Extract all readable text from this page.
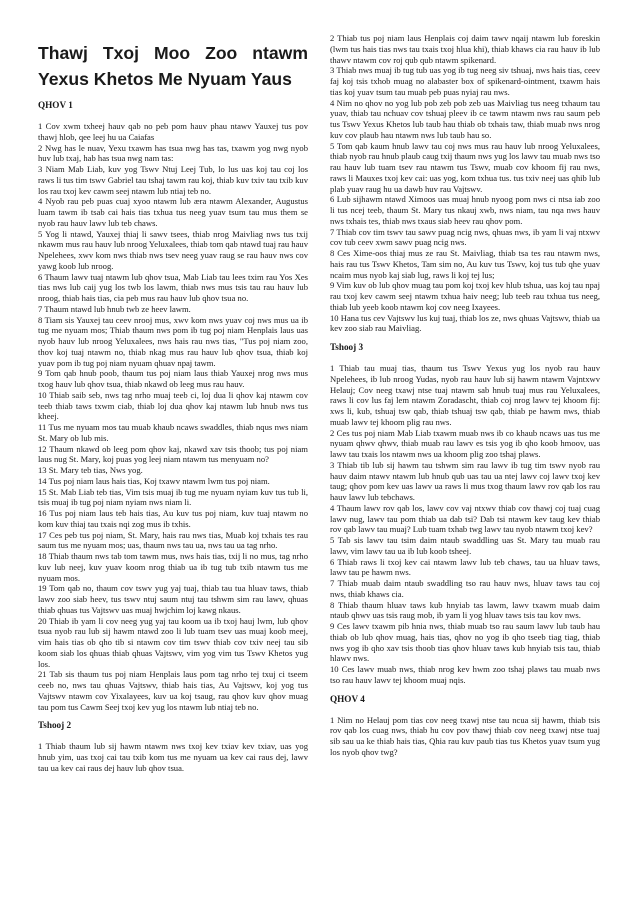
Thawj Txoj Moo Zoo ntawm Yexus Khetos Me Nyuam Yaus
QHOV 1

1 Cov xwm txheej hauv qab no peb pom hauv phau ntawv Yauxej tus pov thawj hlob, qee leej hu ua Caiafas

2 Nwg has le nuav, Yexu txawm has tsua nwg has tas, txawm yog nwg nyob huv lub txaj, hab has tsua nwg nam tas:

3 Niam Mab Liab, kuv yog Tswv Ntuj Leej Tub, lo lus uas koj tau coj los raws li tus tim tswv Gabriel tau tshaj tawm rau koj, thiab kuv txiv tau txib kuv los rau txoj kev cawm seej ntawm lub ntiaj teb no.

4 Nyob rau peb puas cuaj xyoo ntawm lub æra ntawm Alexander, Augustus luam tawm ib tsab cai hais tias txhua tus neeg yuav tsum tau mus them se nyob rau hauv lawv lub teb chaws.

5 Yog li ntawd, Yauxej thiaj li sawv tsees, thiab nrog Maivliag nws tus txij nkawm mus rau hauv lub nroog Yeluxalees, thiab tom qab ntawd tuaj rau hauv Npelehees, xwv kom nws thiab nws tsev neeg yuav raug se rau hauv nws cov yawg koob lub nroog.

6 Thaum lawv tuaj ntawm lub qhov tsua, Mab Liab tau lees txim rau Yos Xes tias nws lub caij yug los twb los lawm, thiab nws mus tsis tau rau hauv lub nroog, thiab hais tias, cia peb mus rau hauv lub qhov tsua no.

7 Thaum ntawd lub hnub twb ze heev lawm.

8 Tiam sis Yauxej tau ceev nrooj mus, xwv kom nws yuav coj nws mus ua ib tug me nyuam mos; Thiab thaum nws pom ib tug poj niam Henplais laus uas nyob hauv lub nroog Yeluxalees, nws hais rau nws tias, "Tus poj niam zoo, thov koj tuaj ntawm no, thiab nkag mus rau hauv lub qhov tsua, thiab koj yuav pom ib tug poj niam nyuam qhuav npaj tawm.

9 Tom qab hnub poob, thaum tus poj niam laus thiab Yauxej nrog nws mus txog hauv lub qhov tsua, thiab nkawd ob leeg mus rau hauv.

10 Thiab saib seb, nws tag nrho muaj teeb ci, loj dua li qhov kaj ntawm cov teeb thiab taws txwm ciab, thiab loj dua qhov kaj ntawm lub hnub nws tus kheej.

11 Tus me nyuam mos tau muab khaub ncaws swaddles, thiab nqus nws niam St. Mary ob lub mis.

12 Thaum nkawd ob leeg pom qhov kaj, nkawd xav tsis thoob; tus poj niam laus nug St. Mary, koj puas yog leej niam ntawm tus menyuam no?

13 St. Mary teb tias, Nws yog.

14 Tus poj niam laus hais tias, Koj txawv ntawm lwm tus poj niam.

15 St. Mab Liab teb tias, Vim tsis muaj ib tug me nyuam nyiam kuv tus tub li, tsis muaj ib tug poj niam nyiam nws niam li.

16 Tus poj niam laus teb hais tias, Au kuv tus poj niam, kuv tuaj ntawm no kom kuv thiaj tau txais nqi zog mus ib txhis.

17 Ces peb tus poj niam, St. Mary, hais rau nws tias, Muab koj txhais tes rau saum tus me nyuam mos; uas, thaum nws tau ua, nws tau ua tag nrho.

18 Thiab thaum nws tab tom tawm mus, nws hais tias, txij li no mus, tag nrho kuv lub neej, kuv yuav koom nrog thiab ua ib tug tub txib ntawm tus me nyuam mos.

19 Tom qab no, thaum cov tswv yug yaj tuaj, thiab tau tua hluav taws, thiab lawv zoo siab heev, tus tswv ntuj saum ntuj tau tshwm sim rau lawv, qhuas thiab qhuas tus Vajtswv uas muaj hwjchim loj kawg nkaus.

20 Thiab ib yam li cov neeg yug yaj tau koom ua ib txoj hauj lwm, lub qhov tsua nyob rau lub sij hawm ntawd zoo li lub tuam tsev uas muaj koob meej, vim hais tias ob qho tib si ntawm cov tim tswv thiab cov txiv neej tau sib koom siab los qhuas thiab qhuas Vajtswv, vim yog vim tus Tswv Khetos yug los.

21 Tab sis thaum tus poj niam Henplais laus pom tag nrho tej txuj ci tseem ceeb no, nws tau qhuas Vajtswv, thiab hais tias, Au Vajtswv, koj yog tus Vajtswv ntawm cov Yixalayees, kuv ua koj tsaug, rau qhov kuv qhov muag tau pom tus Cawm Seej txoj kev yug los ntawm lub ntiaj teb no.

Tshooj 2

1 Thiab thaum lub sij hawm ntawm nws txoj kev txiav kev txiav, uas yog hnub yim, uas txoj cai tau txib kom tus me nyuam ua kev cai raus dej, lawv tau ua kev cai raus dej hauv lub qhov tsua.

2 Thiab tus poj niam laus Henplais coj daim tawv nqaij ntawm lub foreskin (lwm tus hais tias nws tau txais txoj hlua khi), thiab khaws cia rau hauv ib lub thawv ntawm cov roj qub qub ntawm spikenard.

3 Thiab nws muaj ib tug tub uas yog ib tug neeg siv tshuaj, nws hais tias, ceev faj koj tsis txhob muag no alabaster box of spikenard-ointment, txawm hais tias koj yuav tsum tau muab peb puas nyiaj rau nws.

4 Nim no qhov no yog lub pob zeb pob zeb uas Maivliag tus neeg txhaum tau yuav, thiab tau nchuav cov tshuaj pleev ib ce tawm ntawm nws rau saum peb tus Tswv Yexus Khetos lub taub hau thiab ob txhais taw, thiab muab nws nrog kuv cov plaub hau ntawm nws lub taub hau so.

5 Tom qab kaum hnub lawv tau coj nws mus rau hauv lub nroog Yeluxalees, thiab nyob rau hnub plaub caug txij thaum nws yug los lawv tau muab nws tso rau hauv lub tuam tsev rau ntawm tus Tswv, muab cov khoom fij rau nws, raws li Mauxes txoj kev cai: uas yog, kom txhua tus. tus txiv neej uas qhib lub plab yuav raug hu ua dawb huv rau Vajtswv.

6 Lub sijhawm ntawd Ximoos uas muaj hnub nyoog pom nws ci ntsa iab zoo li tus ncej teeb, thaum St. Mary tus nkauj xwb, nws niam, tau nqa nws hauv nws txhais tes, thiab nws txaus siab heev rau qhov pom.

7 Thiab cov tim tswv tau sawv puag ncig nws, qhuas nws, ib yam li vaj ntxwv cov tub ceev xwm sawv puag ncig nws.

8 Ces Xime-oos thiaj mus ze rau St. Maivliag, thiab tsa tes rau ntawm nws, hais rau tus Tswv Khetos, Tam sim no, Au kuv tus Tswv, koj tus tub qhe yuav ncaim mus nyob kaj siab lug, raws li koj tej lus;

9 Vim kuv ob lub qhov muag tau pom koj txoj kev hlub tshua, uas koj tau npaj rau txoj kev cawm seej ntawm txhua haiv neeg; lub teeb rau txhua tus neeg, thiab lub yeeb koob ntawm koj cov neeg Ixayees.

10 Hana tus cev Vajtswv lus kuj tuaj, thiab los ze, nws qhuas Vajtswv, thiab ua kev zoo siab rau Maivliag.

Tshooj 3

1 Thiab tau muaj tias, thaum tus Tswv Yexus yug los nyob rau hauv Npelehees, ib lub nroog Yudas, nyob rau hauv lub sij hawm ntawm Vajntxwv Helauj; Cov neeg txawj ntse tuaj ntawm sab hnub tuaj mus rau Yeluxalees, raws li cov lus faj lem ntawm Zoradascht, thiab coj nrog lawv tej khoom fij: xws li, kub, tshuaj tsw qab, thiab tshuaj tsw qab, thiab pe hawm nws, thiab muab lawv tej khoom plig rau nws.

2 Ces tus poj niam Mab Liab txawm muab nws ib co khaub ncaws uas tus me nyuam qhwv qhwv, thiab muab rau lawv es tsis yog ib qho koob hmoov, uas lawv tau txais los ntawm nws ua khoom plig zoo tshaj plaws.

3 Thiab tib lub sij hawm tau tshwm sim rau lawv ib tug tim tswv nyob rau hauv daim ntawv ntawm lub hnub qub uas tau ua ntej lawv coj lawv txoj kev taug; qhov pom kev uas lawv ua raws li mus txog thaum lawv rov qab los rau hauv lawv lub tebchaws.

4 Thaum lawv rov qab los, lawv cov vaj ntxwv thiab cov thawj coj tuaj cuag lawv nug, lawv tau pom thiab ua dab tsi? Dab tsi ntawm kev taug kev thiab rov qab lawv tau muaj? Lub tuam txhab twg lawv tau nyob ntawm txoj kev?

5 Tab sis lawv tau tsim daim ntaub swaddling uas St. Mary tau muab rau lawv, vim lawv tau ua ib lub koob tsheej.

6 Thiab raws li txoj kev cai ntawm lawv lub teb chaws, tau ua hluav taws, lawv tau pe hawm nws.

7 Thiab muab daim ntaub swaddling tso rau hauv nws, hluav taws tau coj nws, thiab khaws cia.

8 Thiab thaum hluav taws kub hnyiab tas lawm, lawv txawm muab daim ntaub qhwv uas tsis raug mob, ib yam li yog hluav taws tsis tau kov nws.

9 Ces lawv txawm pib hnia nws, thiab muab tso rau saum lawv lub taub hau thiab ob lub qhov muag, hais tias, qhov no yog ib qho tseeb tiag tiag, thiab nws yog ib qho xav tsis thoob tias qhov hluav taws kub hnyiab tsis tau, thiab hlawv nws.

10 Ces lawv muab nws, thiab nrog kev hwm zoo tshaj plaws tau muab nws tso rau hauv lawv tej khoom muaj nqis.

QHOV 4

1 Nim no Helauj pom tias cov neeg txawj ntse tau ncua sij hawm, thiab tsis rov qab los cuag nws, thiab hu cov pov thawj thiab cov neeg txawj ntse tuaj sib sau ua ke thiab hais tias, Qhia rau kuv paub tias tus Khetos yuav tsum yug los nyob qhov twg?
